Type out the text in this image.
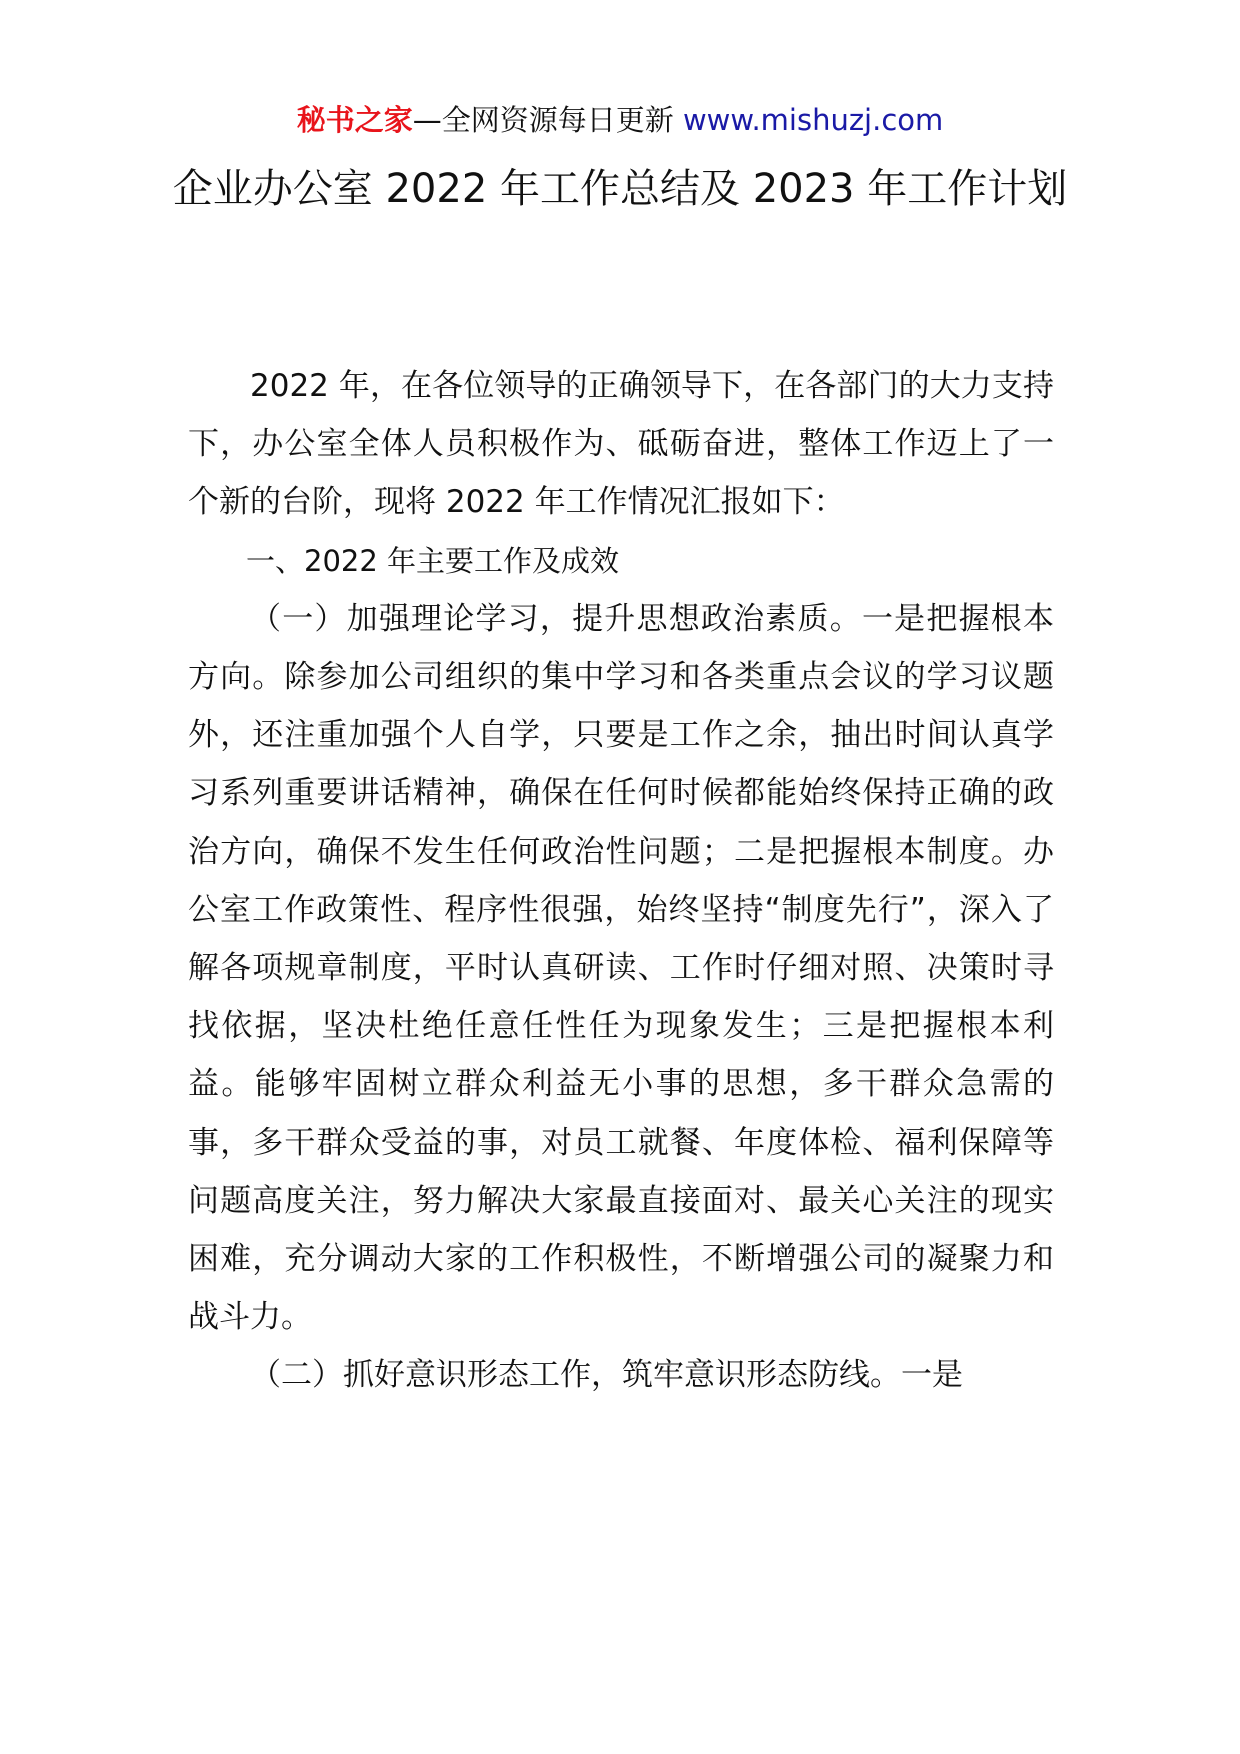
秘书之家—全网资源每日更新 www.mishuzj.com
企业办公室 2022 年工作总结及 2023 年工作计划

2022 年，在各位领导的正确领导下，在各部门的大力支持下，办公室全体人员积极作为、砥砺奋进，整体工作迈上了一个新的台阶，现将 2022 年工作情况汇报如下：

一、2022 年主要工作及成效

（一）加强理论学习，提升思想政治素质。一是把握根本方向。除参加公司组织的集中学习和各类重点会议的学习议题外，还注重加强个人自学，只要是工作之余，抽出时间认真学习系列重要讲话精神，确保在任何时候都能始终保持正确的政治方向，确保不发生任何政治性问题；二是把握根本制度。办公室工作政策性、程序性很强，始终坚持“制度先行”，深入了解各项规章制度，平时认真研读、工作时仔细对照、决策时寻找依据，坚决杜绝任意任性任为现象发生；三是把握根本利益。能够牢固树立群众利益无小事的思想，多干群众急需的事，多干群众受益的事，对员工就餐、年度体检、福利保障等问题高度关注，努力解决大家最直接面对、最关心关注的现实困难，充分调动大家的工作积极性，不断增强公司的凝聚力和战斗力。

（二）抓好意识形态工作，筑牢意识形态防线。一是
